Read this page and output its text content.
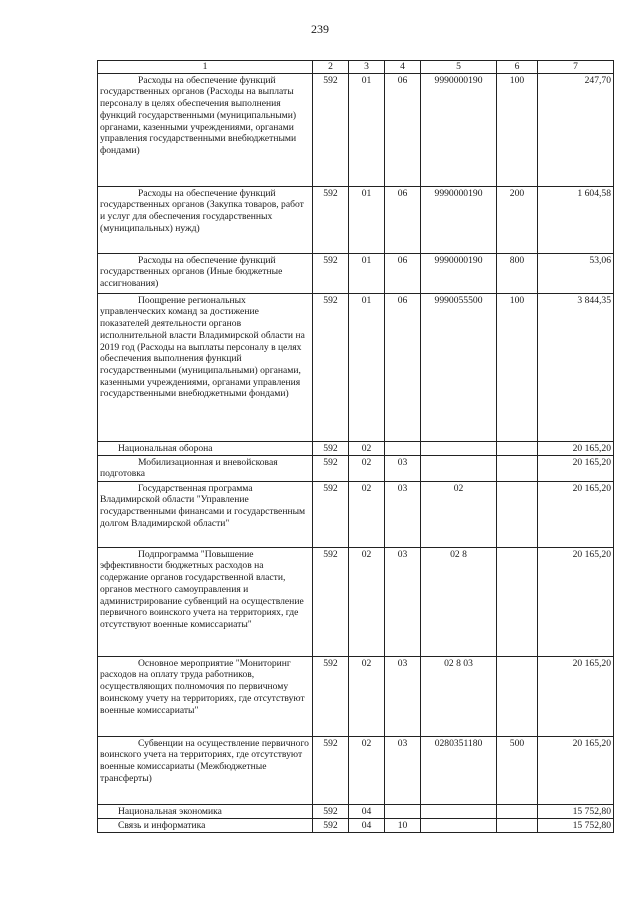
239
1	2	3	4	5	6	7
Расходы на обеспечение функций государственных органов (Расходы на выплаты персоналу в целях обеспечения выполнения функций государственными (муниципальными) органами, казенными учреждениями, органами управления государственными внебюджетными фондами)	592	01	06	9990000190	100	247,70
Расходы на обеспечение функций государственных органов (Закупка товаров, работ и услуг для обеспечения государственных (муниципальных) нужд)	592	01	06	9990000190	200	1 604,58
Расходы на обеспечение функций государственных органов (Иные бюджетные ассигнования)	592	01	06	9990000190	800	53,06
Поощрение региональных управленческих команд за достижение показателей деятельности органов исполнительной власти Владимирской области на 2019 год (Расходы на выплаты персоналу в целях обеспечения выполнения функций государственными (муниципальными) органами, казенными учреждениями, органами управления государственными внебюджетными фондами)	592	01	06	9990055500	100	3 844,35
Национальная оборона	592	02				20 165,20
Мобилизационная и вневойсковая подготовка	592	02	03			20 165,20
Государственная программа Владимирской области "Управление государственными финансами и государственным долгом Владимирской области"	592	02	03	02		20 165,20
Подпрограмма "Повышение эффективности бюджетных расходов на содержание органов государственной власти, органов местного самоуправления и администрирование субвенций на осуществление первичного воинского учета на территориях, где отсутствуют военные комиссариаты"	592	02	03	02 8		20 165,20
Основное мероприятие "Мониторинг расходов на оплату труда работников, осуществляющих полномочия по первичному воинскому учету на территориях, где отсутствуют военные комиссариаты"	592	02	03	02 8 03		20 165,20
Субвенции на осуществление первичного воинского учета на территориях, где отсутствуют военные комиссариаты (Межбюджетные трансферты)	592	02	03	0280351180	500	20 165,20
Национальная экономика	592	04				15 752,80
Связь и информатика	592	04	10			15 752,80
